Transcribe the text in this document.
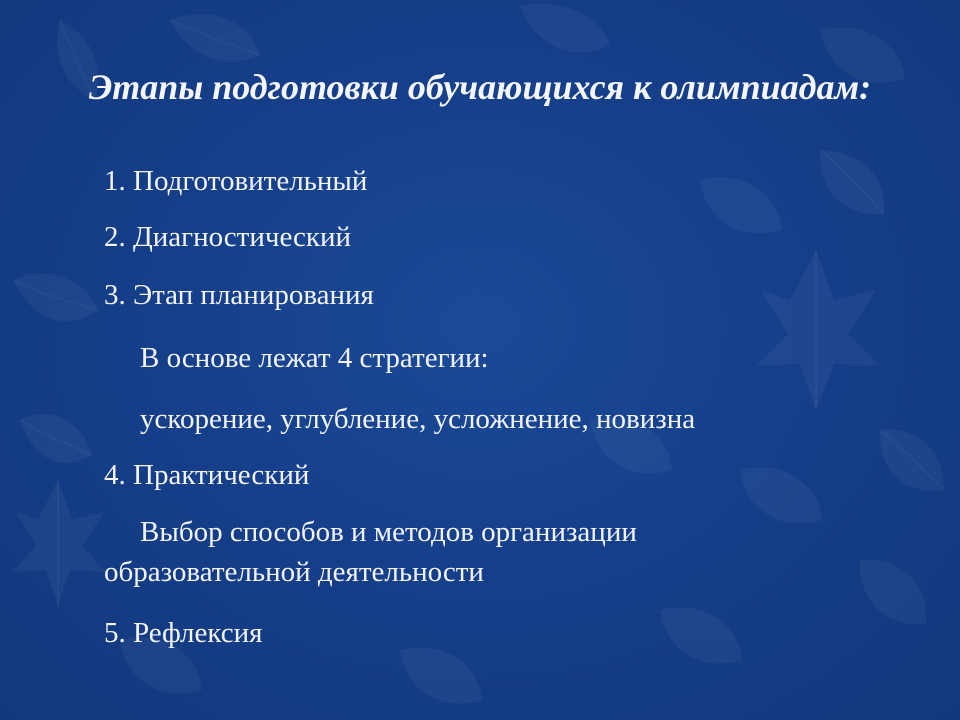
Этапы подготовки обучающихся к олимпиадам:
1. Подготовительный
2. Диагностический
3. Этап планирования
В основе лежат 4 стратегии:
ускорение, углубление, усложнение, новизна
4. Практический
Выбор способов и методов организации
образовательной деятельности
5. Рефлексия
